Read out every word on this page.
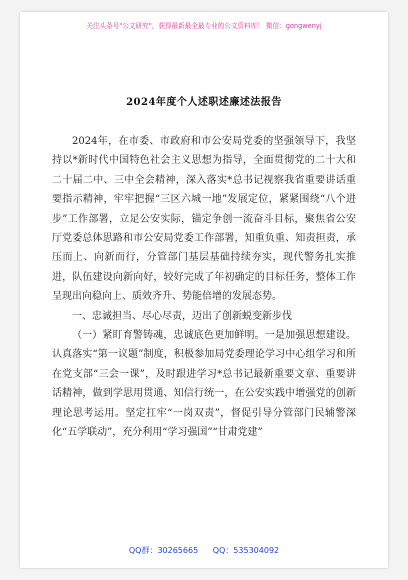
关注头条号"公文研究"，获得最新最全最专业的公文资料库！ 微信：gongwenyj
2024年度个人述职述廉述法报告

2024年，在市委、市政府和市公安局党委的坚强领导下，我坚持以*新时代中国特色社会主义思想为指导，全面贯彻党的二十大和二十届二中、三中全会精神，深入落实*总书记视察我省重要讲话重要指示精神，牢牢把握“三区六城一地”发展定位，紧紧围绕“八个进步”工作部署，立足公安实际，锚定争创一流奋斗目标，聚焦省公安厅党委总体思路和市公安局党委工作部署，知重负重、知责担责，承压而上、向新而行，分管部门基层基础持续夯实，现代警务扎实推进，队伍建设向新向好，较好完成了年初确定的目标任务，整体工作呈现出向稳向上、质效齐升、势能倍增的发展态势。

一、忠诚担当、尽心尽责，迈出了创新蜕变新步伐

（一）紧盯育警铸魂，忠诚底色更加鲜明。一是加强思想建设。认真落实“第一议题”制度，积极参加局党委理论学习中心组学习和所在党支部“三会一课”，及时跟进学习*总书记最新重要文章、重要讲话精神，做到学思用贯通、知信行统一，在公安实践中增强党的创新理论思考运用。坚定扛牢“一岗双责”，督促引导分管部门民辅警深化“五学联动”，充分利用“学习强国”“甘肃党建”

QQ群：30265665 QQ：535304092
